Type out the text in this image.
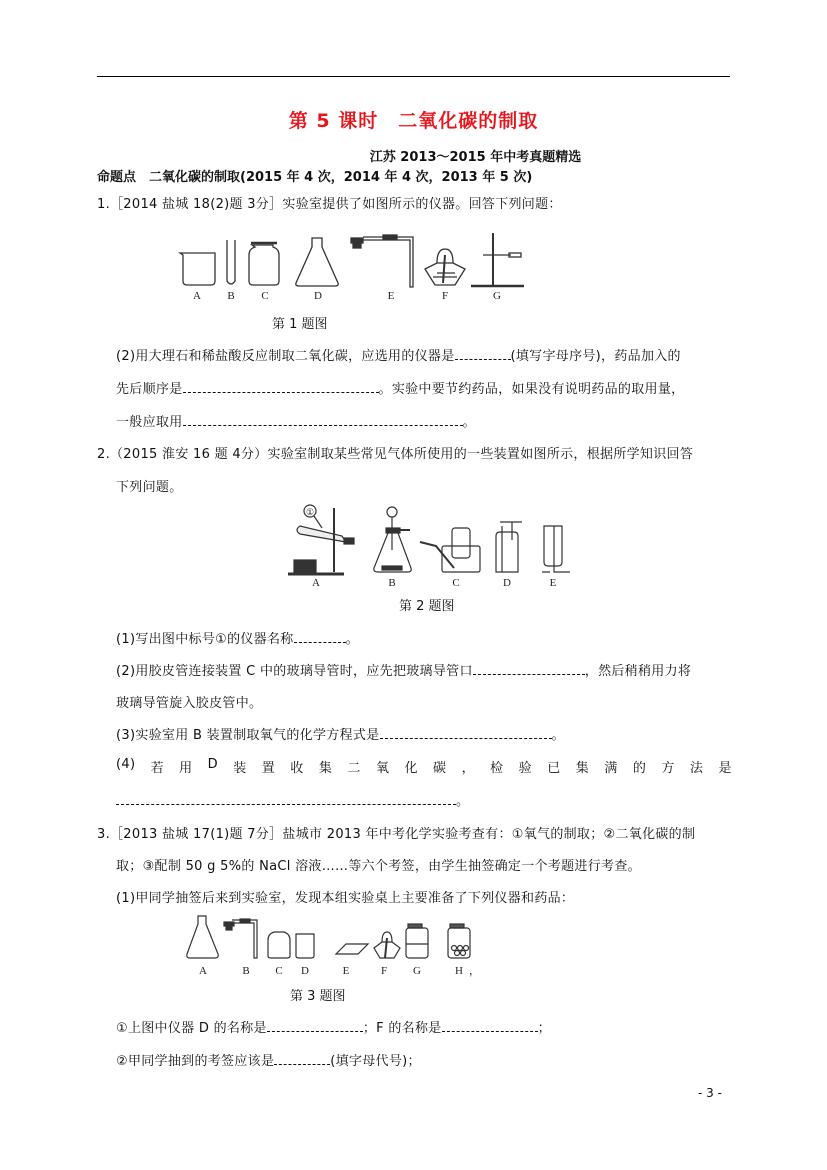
第 5 课时　二氧化碳的制取
江苏 2013～2015 年中考真题精选
命题点　二氧化碳的制取(2015 年 4 次，2014 年 4 次，2013 年 5 次)
1.［2014 盐城 18(2)题 3分］实验室提供了如图所示的仪器。回答下列问题：
A B C	D	E	F	G
第 1 题图
(2)用大理石和稀盐酸反应制取二氧化碳，应选用的仪器是	(填写字母序号)，药品加入的
先后顺序是	。实验中要节约药品，如果没有说明药品的取用量，
一般应取用	。
2.（2015 淮安 16 题 4分）实验室制取某些常见气体所使用的一些装置如图所示，根据所学知识回答
下列问题。
①
A	B	C	D	E
第 2 题图
(1)写出图中标号①的仪器名称	。
(2)用胶皮管连接装置 C 中的玻璃导管时，应先把玻璃导管口	，然后稍稍用力将
玻璃导管旋入胶皮管中。
(3)实验室用 B 装置制取氧气的化学方程式是	。
(4) 若 用 D 装 置 收 集 二 氧 化 碳 ， 检 验 已 集 满 的 方 法 是
。
3.［2013 盐城 17(1)题 7分］盐城市 2013 年中考化学实验考查有：①氧气的制取；②二氧化碳的制
取；③配制 50 g 5%的 NaCl 溶液……等六个考签，由学生抽签确定一个考题进行考查。
(1)甲同学抽签后来到实验室，发现本组实验桌上主要准备了下列仪器和药品：
A	B C D	E	F G	H ，
第 3 题图
①上图中仪器 D 的名称是	；F 的名称是	；
②甲同学抽到的考签应该是	(填字母代号)；
- 3 -
